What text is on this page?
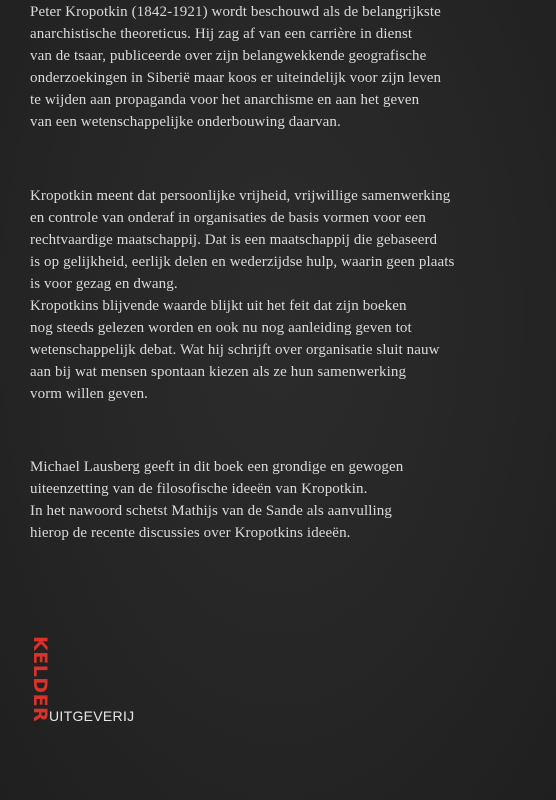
Peter Kropotkin (1842-1921) wordt beschouwd als de belangrijkste
anarchistische theoreticus. Hij zag af van een carrière in dienst
van de tsaar, publiceerde over zijn belangwekkende geografische
onderzoekingen in Siberië maar koos er uiteindelijk voor zijn leven
te wijden aan propaganda voor het anarchisme en aan het geven
van een wetenschappelijke onderbouwing daarvan.
Kropotkin meent dat persoonlijke vrijheid, vrijwillige samenwerking
en controle van onderaf in organisaties de basis vormen voor een
rechtvaardige maatschappij. Dat is een maatschappij die gebaseerd
is op gelijkheid, eerlijk delen en wederzijdse hulp, waarin geen plaats
is voor gezag en dwang.
Kropotkins blijvende waarde blijkt uit het feit dat zijn boeken
nog steeds gelezen worden en ook nu nog aanleiding geven tot
wetenschappelijk debat. Wat hij schrijft over organisatie sluit nauw
aan bij wat mensen spontaan kiezen als ze hun samenwerking
vorm willen geven.
Michael Lausberg geeft in dit boek een grondige en gewogen
uiteenzetting van de filosofische ideeën van Kropotkin.
In het nawoord schetst Mathijs van de Sande als aanvulling
hierop de recente discussies over Kropotkins ideeën.
KELDER
UITGEVERIJ
